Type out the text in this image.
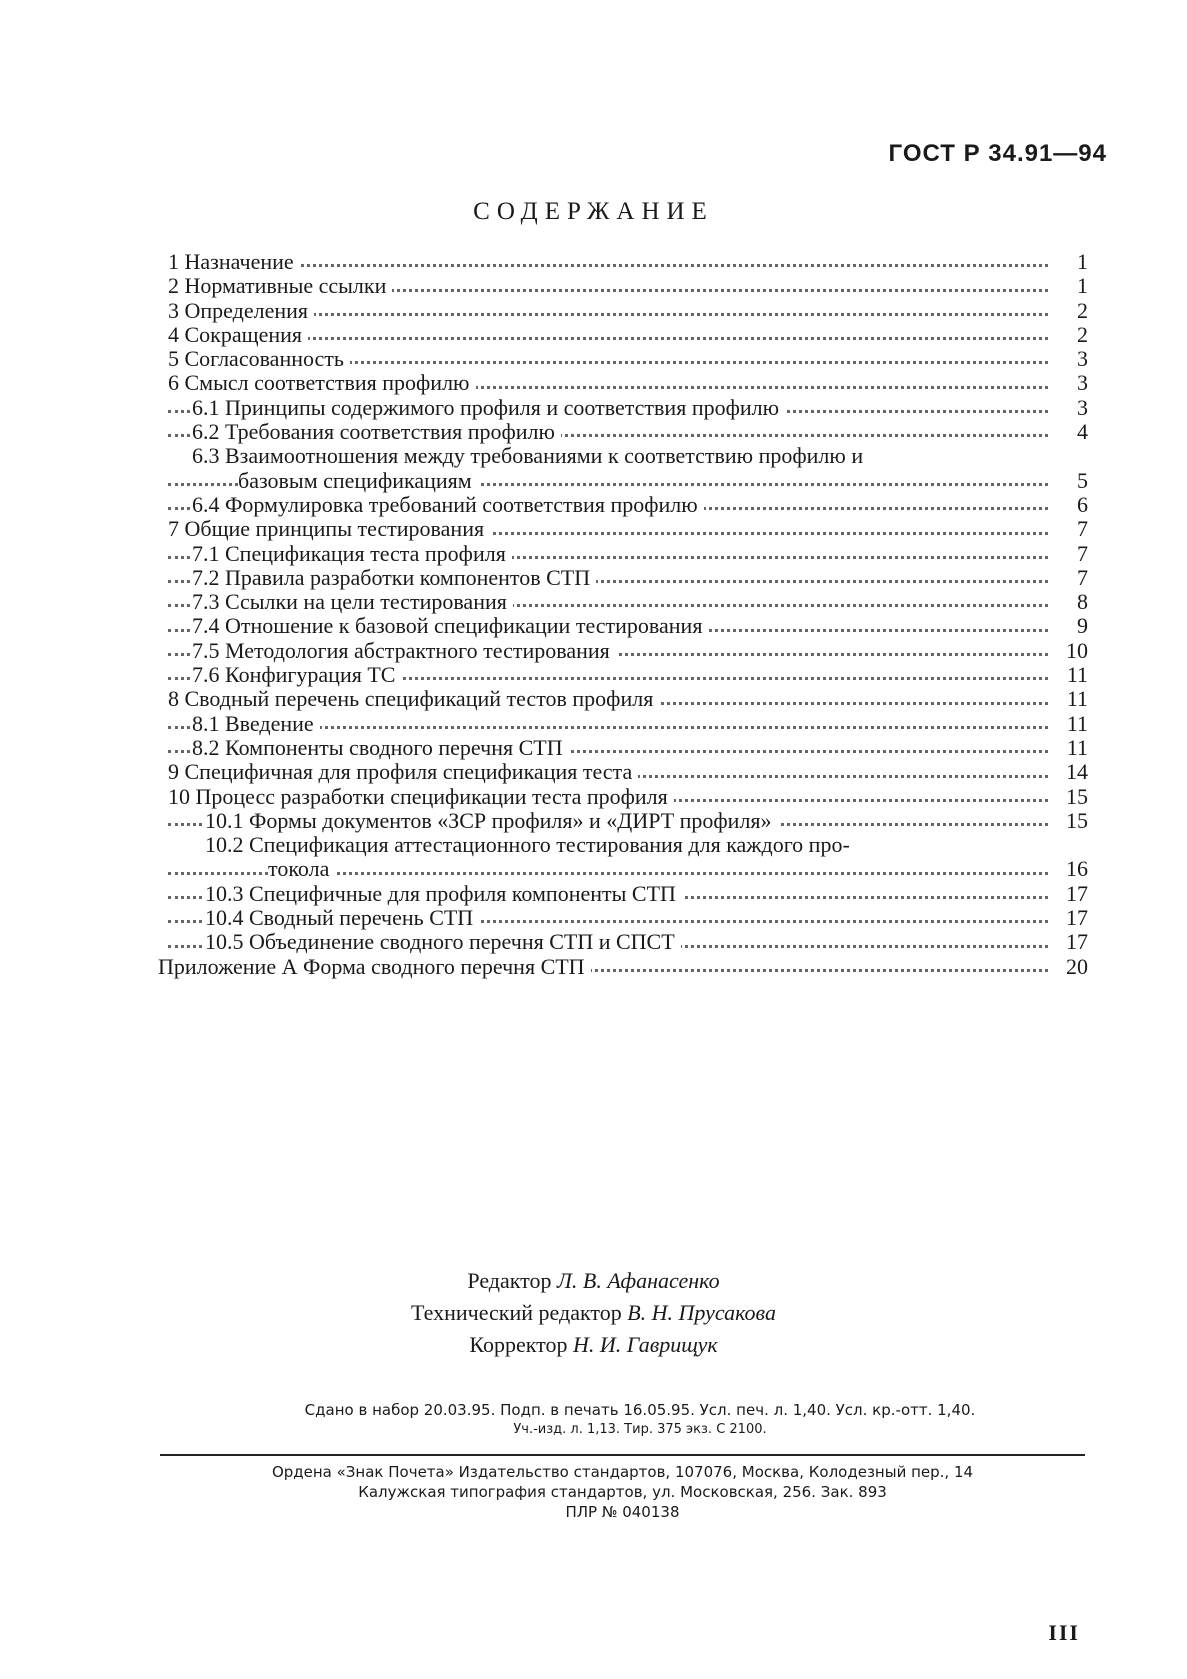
ГОСТ Р 34.91—94
СОДЕРЖАНИЕ
1 Назначение	1
2 Нормативные ссылки	1
3 Определения	2
4 Сокращения	2
5 Согласованность	3
6 Смысл соответствия профилю	3
6.1 Принципы содержимого профиля и соответствия профилю	3
6.2 Требования соответствия профилю	4
6.3 Взаимоотношения между требованиями к соответствию профилю и
базовым спецификациям	5
6.4 Формулировка требований соответствия профилю	6
7 Общие принципы тестирования	7
7.1 Спецификация теста профиля	7
7.2 Правила разработки компонентов СТП	7
7.3 Ссылки на цели тестирования	8
7.4 Отношение к базовой спецификации тестирования	9
7.5 Методология абстрактного тестирования	10
7.6 Конфигурация ТС	11
8 Сводный перечень спецификаций тестов профиля	11
8.1 Введение	11
8.2 Компоненты сводного перечня СТП	11
9 Специфичная для профиля спецификация теста	14
10 Процесс разработки спецификации теста профиля	15
10.1 Формы документов «ЗСР профиля» и «ДИРТ профиля»	15
10.2 Спецификация аттестационного тестирования для каждого про-
токола	16
10.3 Специфичные для профиля компоненты СТП	17
10.4 Сводный перечень СТП	17
10.5 Объединение сводного перечня СТП и СПСТ	17
Приложение А Форма сводного перечня СТП	20
Редактор Л. В. Афанасенко
Технический редактор В. Н. Прусакова
Корректор Н. И. Гаврищук
Сдано в набор 20.03.95. Подп. в печать 16.05.95. Усл. печ. л. 1,40. Усл. кр.-отт. 1,40.
Уч.-изд. л. 1,13. Тир. 375 экз. С 2100.
Ордена «Знак Почета» Издательство стандартов, 107076, Москва, Колодезный пер., 14
Калужская типография стандартов, ул. Московская, 256. Зак. 893
ПЛР № 040138
III
